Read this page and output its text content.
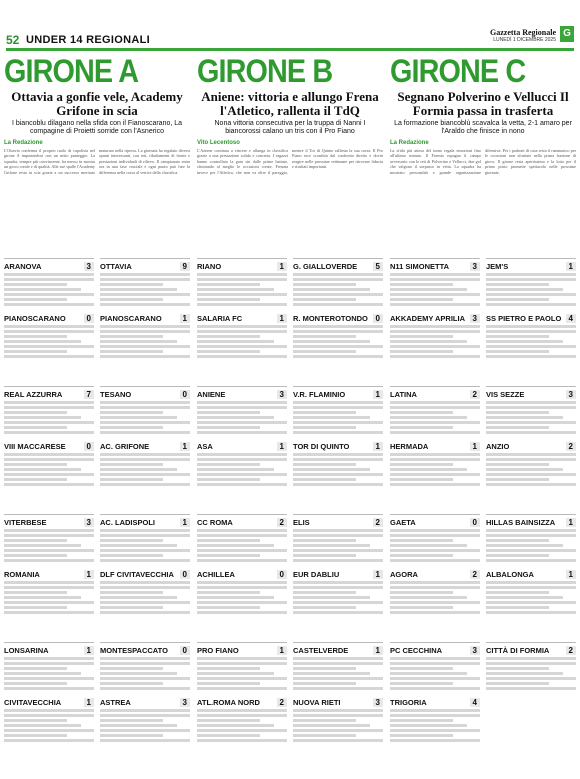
52 UNDER 14 REGIONALI
Gazzetta Regionale
LUNEDÌ 1 DICEMBRE 2025
G
GIRONE A
Ottavia a gonfie vele, Academy Grifone in scia
I biancoblu dilagano nella sfida con il Fianoscarano, La compagine di Proietti sorride con l'Asnerico
La Redazione
L'Ottavia conferma il proprio ruolo di capolista nel girone A imponendosi con un netto punteggio. La squadra, sempre più convincente, ha messo in mostra un gioco corale e di qualità. Alle sue spalle l'Academy Grifone resta in scia grazie a un successo meritato maturato nella ripresa. La giornata ha regalato diversi spunti interessanti, con reti, ribaltamenti di fronte e prestazioni individuali di rilievo. Il campionato entra ora in una fase cruciale e ogni punto può fare la differenza nella corsa al vertice della classifica.
GIRONE B
Aniene: vittoria e allungo Frena l'Atletico, rallenta il TdQ
Nona vittoria consecutiva per la truppa di Nanni I biancorossi calano un tris con il Pro Fiano
Vito Lecentoso
L'Aniene continua a vincere e allunga in classifica grazie a una prestazione solida e concreta. I ragazzi hanno controllato la gara sin dalle prime battute, sfruttando al meglio le occasioni create. Frenata invece per l'Atletico, che non va oltre il pareggio, mentre il Tor di Quinto rallenta la sua corsa. Il Pro Fiano esce sconfitto dal confronto diretto e dovrà reagire nelle prossime settimane per ritrovare fiducia e risultati importanti.
GIRONE C
Segnano Polverino e Vellucci Il Formia passa in trasferta
La formazione biancoblù scavalca la vetta, 2-1 amaro per l'Araldo che finisce in nono
La Redazione
La sfida più attesa del turno regala emozioni fino all'ultimo minuto. Il Formia espugna il campo avversario con le reti di Polverino e Vellucci, due gol che valgono il sorpasso in vetta. La squadra ha mostrato personalità e grande organizzazione difensiva. Per i padroni di casa resta il rammarico per le occasioni non sfruttate nella prima frazione di gioco. Il girone resta apertissimo e la lotta per il primo posto promette spettacolo nelle prossime giornate.
ARANOVA	3
PIANOSCARANO	0
REAL AZZURRA	7
VIII MACCARESE	0
VITERBESE	3
ROMANIA	1
LONSARINA	1
CIVITAVECCHIA	1
OTTAVIA	9
PIANOSCARANO	1
TESANO	0
AC. GRIFONE	1
AC. LADISPOLI	1
DLF CIVITAVECCHIA	0
MONTESPACCATO	0
ASTREA	3
RIANO	1
SALARIA FC	1
ANIENE	3
ASA	1
CC ROMA	2
ACHILLEA	0
PRO FIANO	1
ATL.ROMA NORD	2
G. GIALLOVERDE	5
R. MONTEROTONDO 0
V.R. FLAMINIO	1
TOR DI QUINTO	1
ELIS	2
EUR DABLIU	1
CASTELVERDE	1
NUOVA RIETI	3
N11 SIMONETTA	3
AKKADEMY APRILIA 3
LATINA	2
HERMADA	1
GAETA	0
AGORA	2
PC CECCHINA	3
TRIGORIA	4
JEM'S	1
SS PIETRO E PAOLO 4
VIS SEZZE	3
ANZIO	2
HILLAS BAINSIZZA	1
ALBALONGA	1
CITTÀ DI FORMIA	2
